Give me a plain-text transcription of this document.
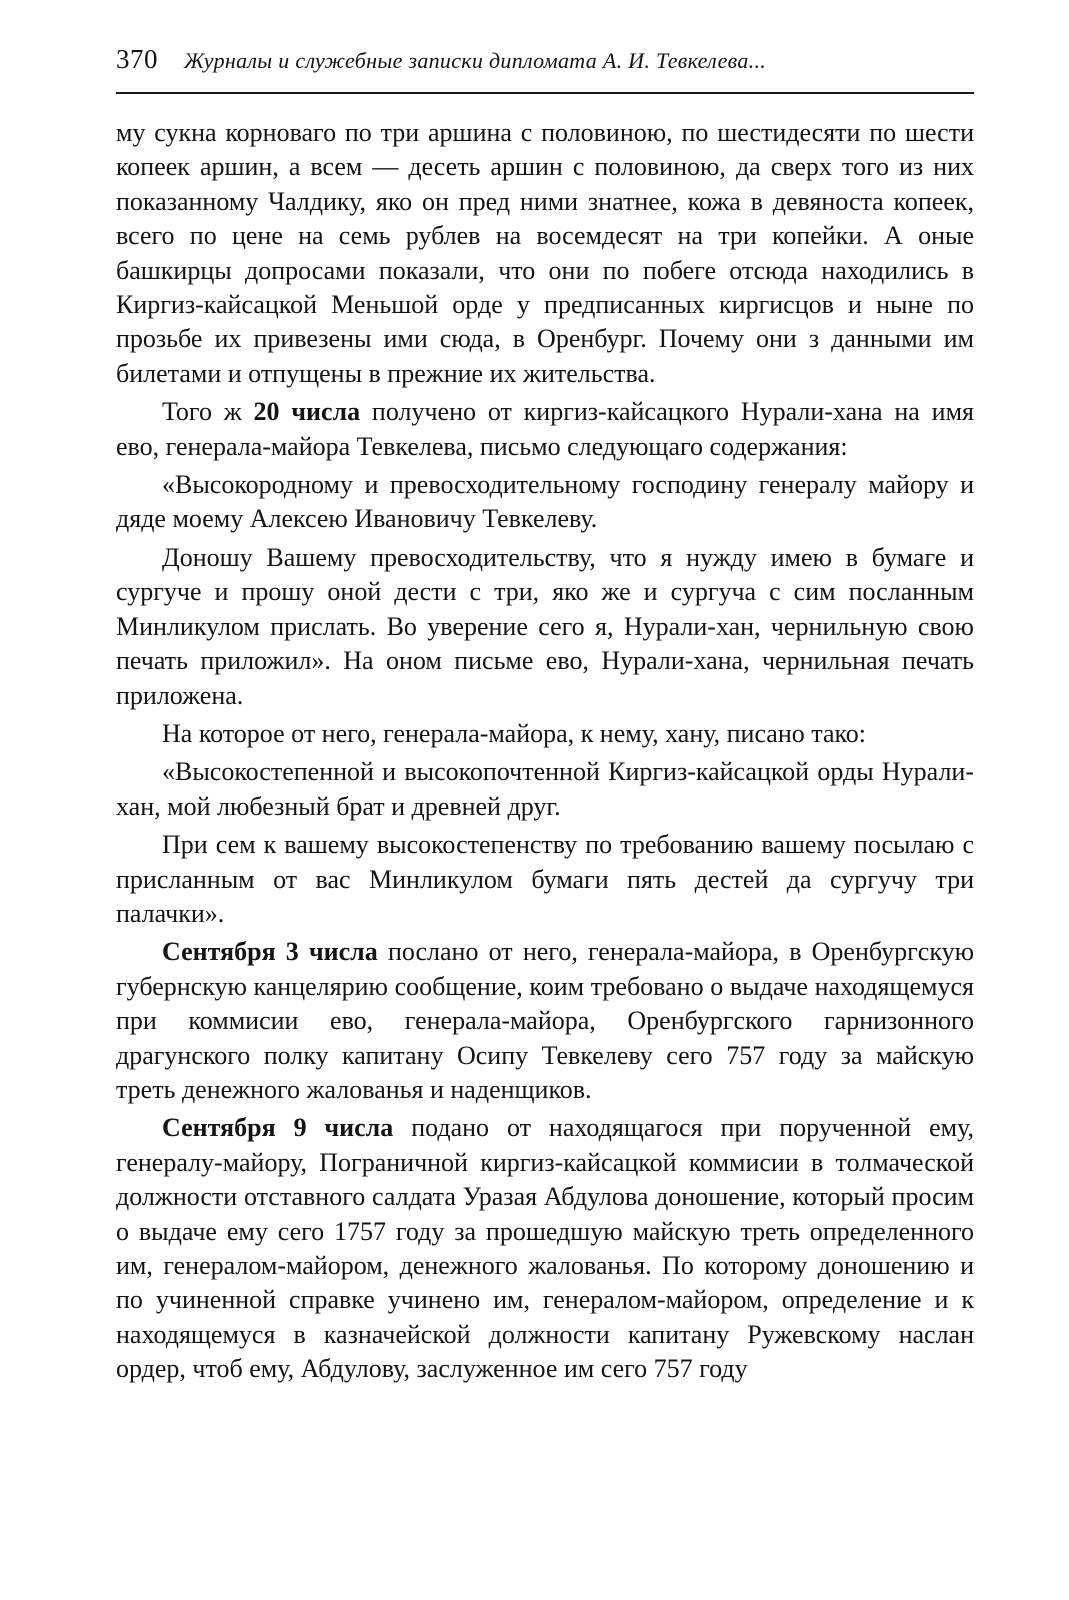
370 Журналы и служебные записки дипломата А. И. Тевкелева...

му сукна корноваго по три аршина с половиною, по шестидесяти по шести копеек аршин, а всем — десеть аршин с половиною, да сверх того из них показанному Чалдику, яко он пред ними знатнее, кожа в девяноста копеек, всего по цене на семь рублев на восемдесят на три копейки. А оные башкирцы допросами показали, что они по побеге отсюда находились в Киргиз-кайсацкой Меньшой орде у предписанных киргисцов и ныне по прозьбе их привезены ими сюда, в Оренбург. Почему они з данными им билетами и отпущены в прежние их жительства.

Того ж 20 числа получено от киргиз-кайсацкого Нурали-хана на имя ево, генерала-майора Тевкелева, письмо следующаго содержания:

«Высокородному и превосходительному господину генералу майору и дяде моему Алексею Ивановичу Тевкелеву.

Доношу Вашему превосходительству, что я нужду имею в бумаге и сургуче и прошу оной дести с три, яко же и сургуча с сим посланным Минликулом прислать. Во уверение сего я, Нурали-хан, чернильную свою печать приложил». На оном письме ево, Нурали-хана, чернильная печать приложена.

На которое от него, генерала-майора, к нему, хану, писано тако:

«Высокостепенной и высокопочтенной Киргиз-кайсацкой орды Нурали-хан, мой любезный брат и древней друг.

При сем к вашему высокостепенству по требованию вашему посылаю с присланным от вас Минликулом бумаги пять дестей да сургучу три палачки».

Сентября 3 числа послано от него, генерала-майора, в Оренбургскую губернскую канцелярию сообщение, коим требовано о выдаче находящемуся при коммисии ево, генерала-майора, Оренбургского гарнизонного драгунского полку капитану Осипу Тевкелеву сего 757 году за майскую треть денежного жалованья и наденщиков.

Сентября 9 числа подано от находящагося при порученной ему, генералу-майору, Пограничной киргиз-кайсацкой коммисии в толмаческой должности отставного салдата Уразая Абдулова доношение, который просим о выдаче ему сего 1757 году за прошедшую майскую треть определенного им, генералом-майором, денежного жалованья. По которому доношению и по учиненной справке учинено им, генералом-майором, определение и к находящемуся в казначейской должности капитану Ружевскому наслан ордер, чтоб ему, Абдулову, заслуженное им сего 757 году
